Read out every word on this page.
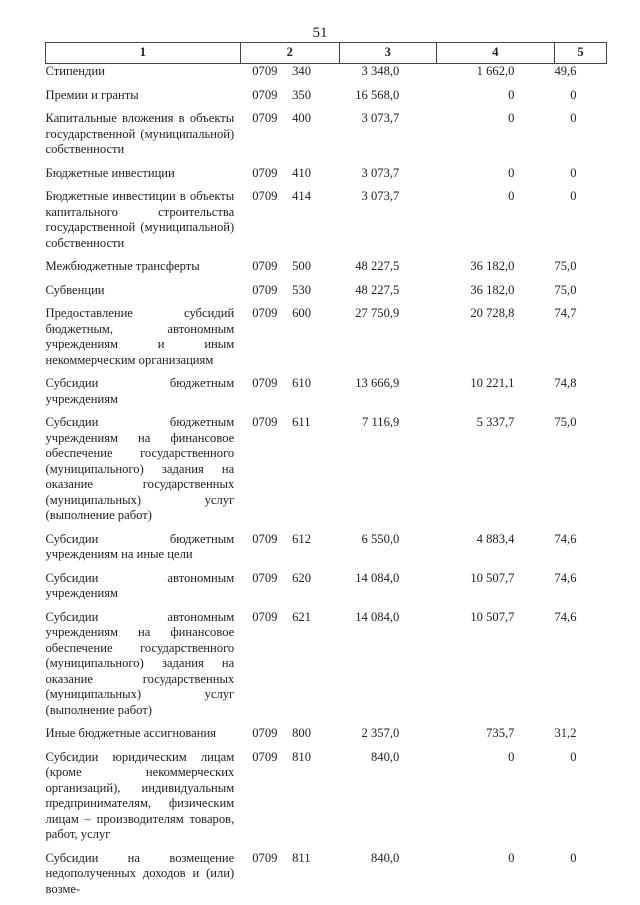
51
1	2		3	4	5
Стипендии	0709	340	3 348,0	1 662,0	49,6
Премии и гранты	0709	350	16 568,0	0	0
Капитальные вложения в объекты государственной (муниципальной) собственности	0709	400	3 073,7	0	0
Бюджетные инвестиции	0709	410	3 073,7	0	0
Бюджетные инвестиции в объекты капитального строительства государственной (муниципальной) собственности	0709	414	3 073,7	0	0
Межбюджетные трансферты	0709	500	48 227,5	36 182,0	75,0
Субвенции	0709	530	48 227,5	36 182,0	75,0
Предоставление субсидий бюджетным, автономным учреждениям и иным некоммерческим организациям	0709	600	27 750,9	20 728,8	74,7
Субсидии бюджетным учреждениям	0709	610	13 666,9	10 221,1	74,8
Субсидии бюджетным учреждениям на финансовое обеспечение государственного (муниципального) задания на оказание государственных (муниципальных) услуг (выполнение работ)	0709	611	7 116,9	5 337,7	75,0
Субсидии бюджетным учреждениям на иные цели	0709	612	6 550,0	4 883,4	74,6
Субсидии автономным учреждениям	0709	620	14 084,0	10 507,7	74,6
Субсидии автономным учреждениям на финансовое обеспечение государственного (муниципального) задания на оказание государственных (муниципальных) услуг (выполнение работ)	0709	621	14 084,0	10 507,7	74,6
Иные бюджетные ассигнования	0709	800	2 357,0	735,7	31,2
Субсидии юридическим лицам (кроме некоммерческих организаций), индивидуальным предпринимателям, физическим лицам – производителям товаров, работ, услуг	0709	810	840,0	0	0
Субсидии на возмещение недополученных доходов и (или) возме-	0709	811	840,0	0	0
